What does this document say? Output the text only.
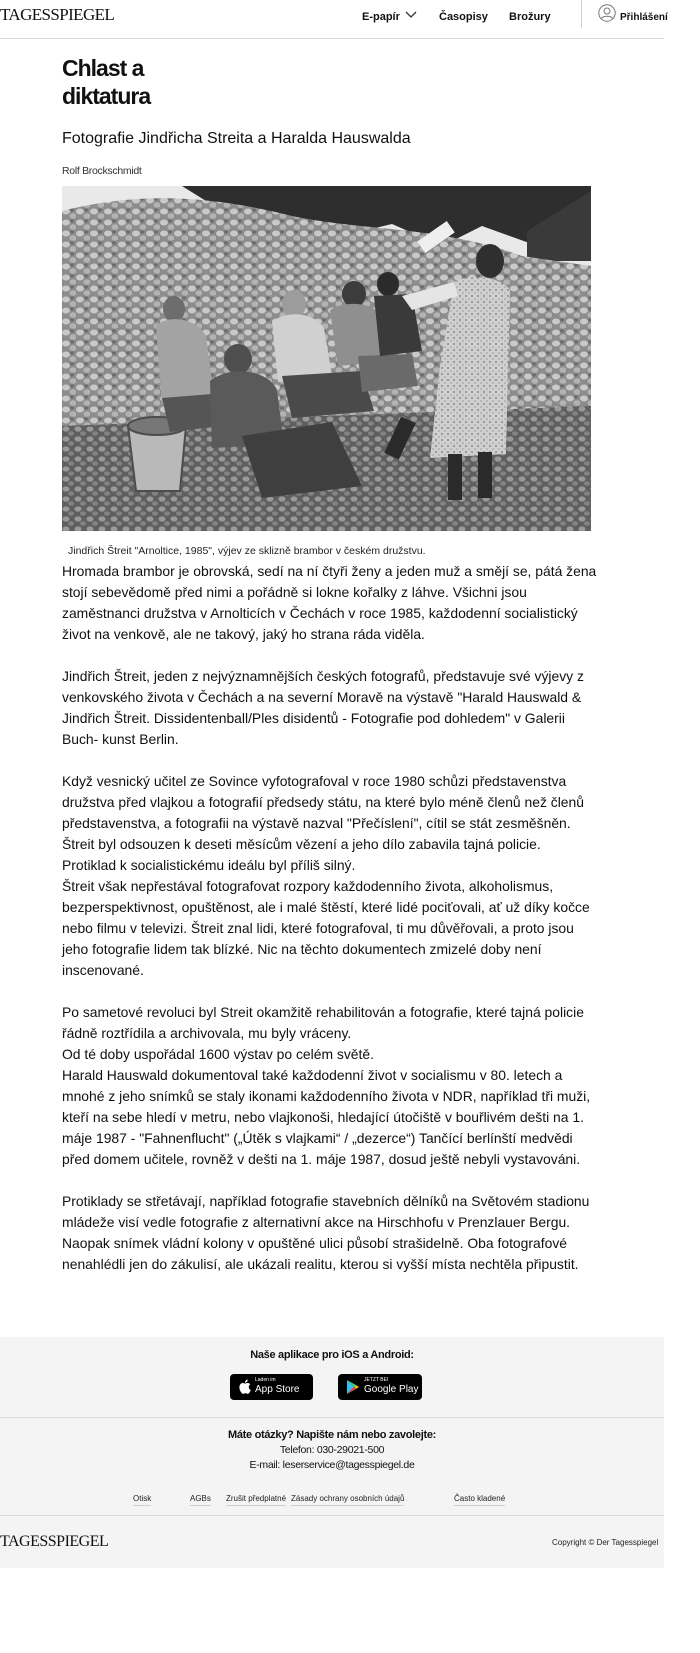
TAGESSPIEGEL	E-papír	Časopisy Brožury	Přihlášení
Chlast a
diktatura
Fotografie Jindřicha Streita a Haralda Hauswalda
Rolf Brockschmidt
Jindřich Štreit "Arnoltice, 1985", výjev ze sklizně brambor v českém družstvu.

Hromada brambor je obrovská, sedí na ní čtyři ženy a jeden muž a smějí se, pátá žena stojí sebevědomě před nimi a pořádně si lokne kořalky z láhve. Všichni jsou zaměstnanci družstva v Arnolticích v Čechách v roce 1985, každodenní socialistický život na venkově, ale ne takový, jaký ho strana ráda viděla.

Jindřich Štreit, jeden z nejvýznamnějších českých fotografů, představuje své výjevy z venkovského života v Čechách a na severní Moravě na výstavě "Harald Hauswald & Jindřich Štreit. Dissidentenball/Ples disidentů - Fotografie pod dohledem" v Galerii Buch- kunst Berlin.

Když vesnický učitel ze Sovince vyfotografoval v roce 1980 schůzi představenstva družstva před vlajkou a fotografií předsedy státu, na které bylo méně členů než členů představenstva, a fotografii na výstavě nazval "Přečíslení", cítil se stát zesměšněn. Štreit byl odsouzen k deseti měsícům vězení a jeho dílo zabavila tajná policie. Protiklad k socialistickému ideálu byl příliš silný.

Štreit však nepřestával fotografovat rozpory každodenního života, alkoholismus, bezperspektivnost, opuštěnost, ale i malé štěstí, které lidé pociťovali, ať už díky kočce nebo filmu v televizi. Štreit znal lidi, které fotografoval, ti mu důvěřovali, a proto jsou jeho fotografie lidem tak blízké. Nic na těchto dokumentech zmizelé doby není inscenované.

Po sametové revoluci byl Streit okamžitě rehabilitován a fotografie, které tajná policie řádně roztřídila a archivovala, mu byly vráceny.

Od té doby uspořádal 1600 výstav po celém světě.

Harald Hauswald dokumentoval také každodenní život v socialismu v 80. letech a mnohé z jeho snímků se staly ikonami každodenního života v NDR, například tři muži, kteří na sebe hledí v metru, nebo vlajkonoši, hledající útočiště v bouřlivém dešti na 1. máje 1987 - "Fahnenflucht" („Útěk s vlajkami“ / „dezerce“) Tančící berlínští medvědi před domem učitele, rovněž v dešti na 1. máje 1987, dosud ještě nebyli vystavováni.

Protiklady se střetávají, například fotografie stavebních dělníků na Světovém stadionu mládeže visí vedle fotografie z alternativní akce na Hirschhofu v Prenzlauer Bergu. Naopak snímek vládní kolony v opuštěné ulici působí strašidelně. Oba fotografové nenahlédli jen do zákulisí, ale ukázali realitu, kterou si vyšší místa nechtěla připustit.

Naše aplikace pro iOS a Android:
Laden im
App Store
JETZT BEI
Google Play
Máte otázky? Napište nám nebo zavolejte:
Telefon: 030-29021-500
E-mail: leserservice@tagesspiegel.de
Otisk	AGBs Zrušit předplatné Zásady ochrany osobních údajů	Často kladené
TAGESSPIEGEL	Copyright © Der Tagesspiegel
